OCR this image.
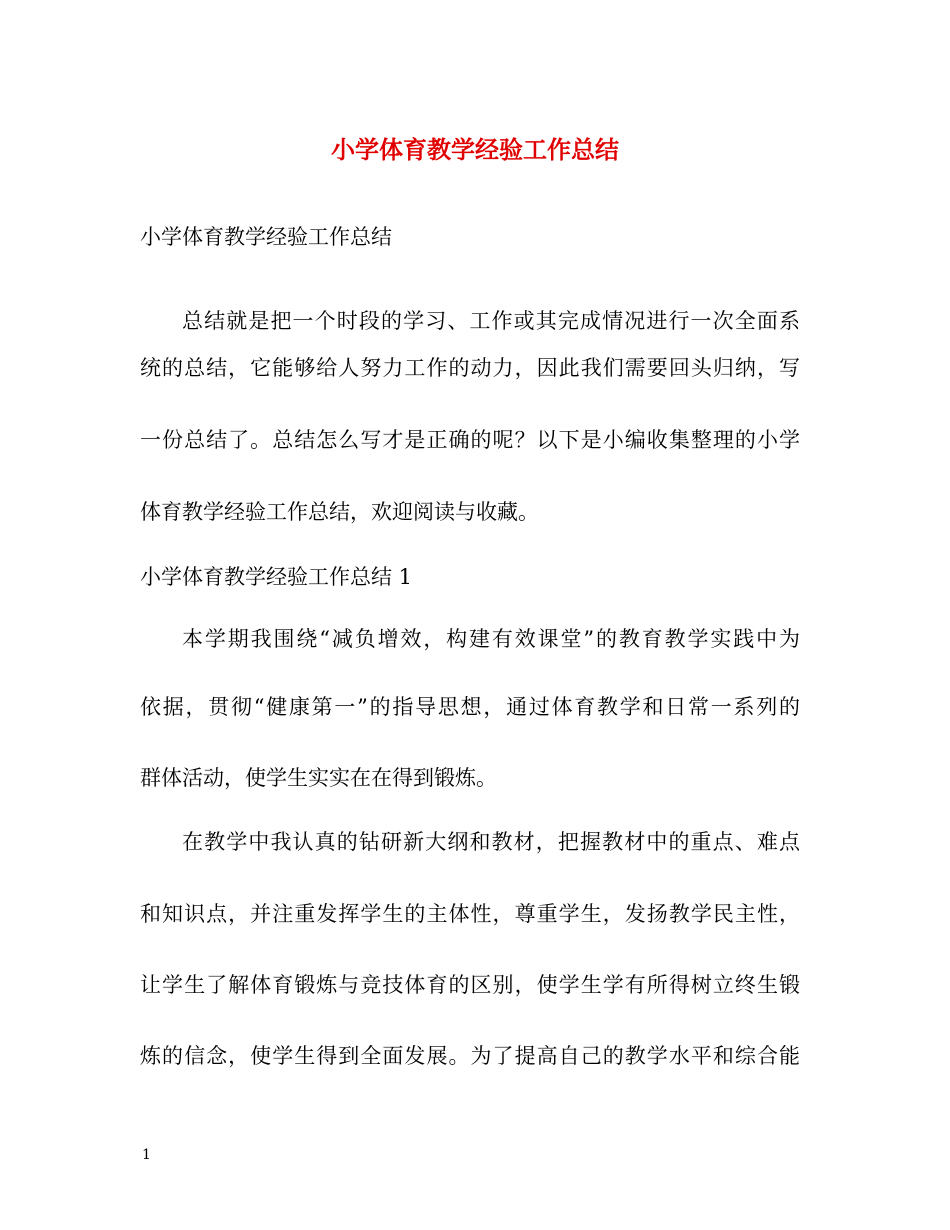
小学体育教学经验工作总结

小学体育教学经验工作总结

总结就是把一个时段的学习、工作或其完成情况进行一次全面系

统的总结，它能够给人努力工作的动力，因此我们需要回头归纳，写

一份总结了。总结怎么写才是正确的呢？以下是小编收集整理的小学

体育教学经验工作总结，欢迎阅读与收藏。

小学体育教学经验工作总结 1

本学期我围绕“减负增效，构建有效课堂”的教育教学实践中为

依据，贯彻“健康第一”的指导思想，通过体育教学和日常一系列的

群体活动，使学生实实在在得到锻炼。

在教学中我认真的钻研新大纲和教材，把握教材中的重点、难点

和知识点，并注重发挥学生的主体性，尊重学生，发扬教学民主性，

让学生了解体育锻炼与竞技体育的区别，使学生学有所得树立终生锻

炼的信念，使学生得到全面发展。为了提高自己的教学水平和综合能

1
